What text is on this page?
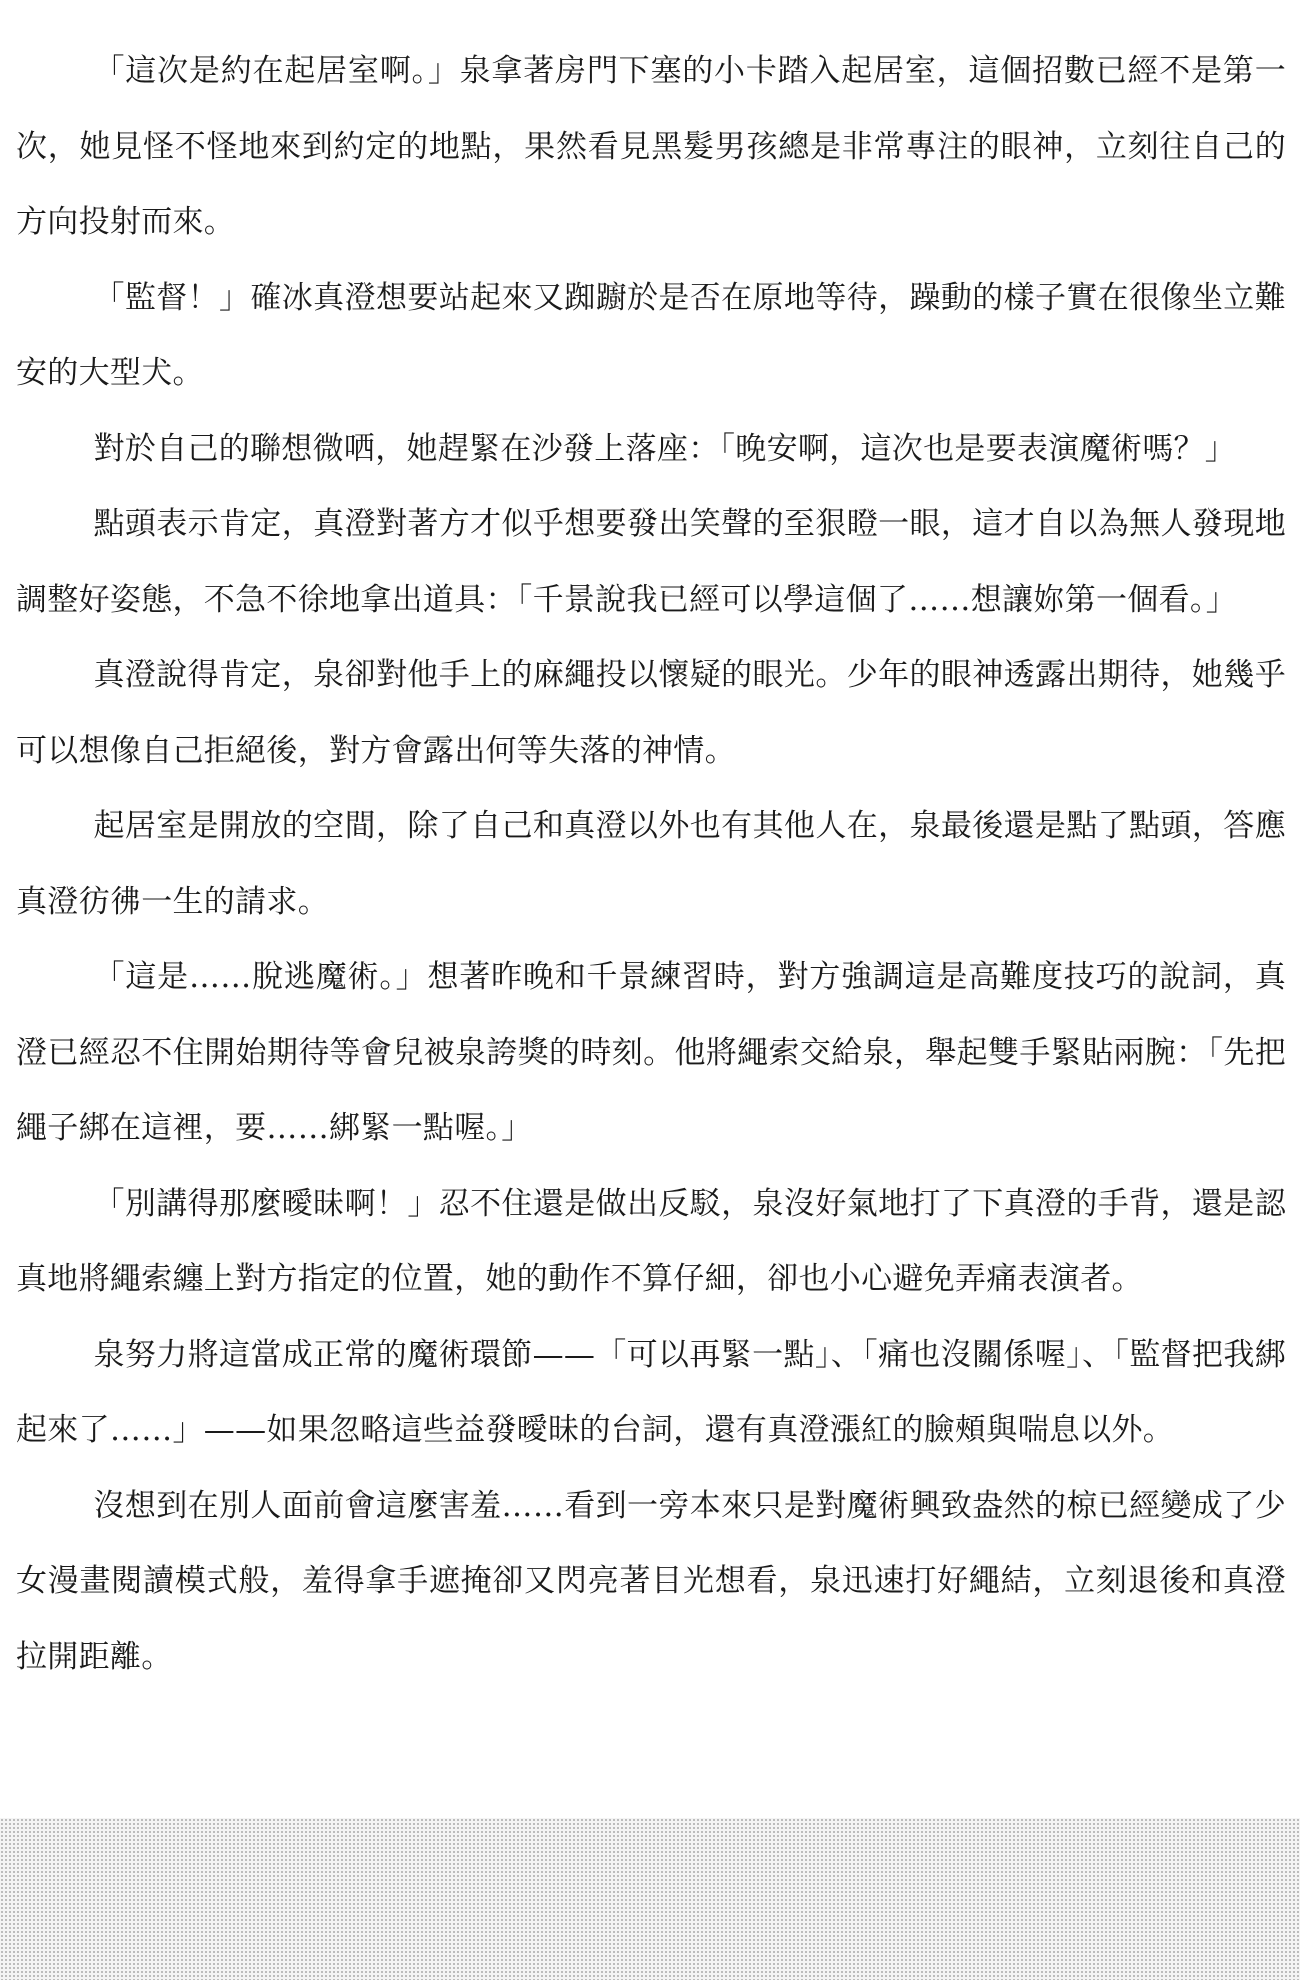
「這次是約在起居室啊。」泉拿著房門下塞的小卡踏入起居室，這個招數已經不是第一次，她見怪不怪地來到約定的地點，果然看見黑髮男孩總是非常專注的眼神，立刻往自己的方向投射而來。

「監督！」確冰真澄想要站起來又踟躕於是否在原地等待，躁動的樣子實在很像坐立難安的大型犬。

對於自己的聯想微哂，她趕緊在沙發上落座：「晚安啊，這次也是要表演魔術嗎？」

點頭表示肯定，真澄對著方才似乎想要發出笑聲的至狠瞪一眼，這才自以為無人發現地調整好姿態，不急不徐地拿出道具：「千景說我已經可以學這個了……想讓妳第一個看。」

真澄說得肯定，泉卻對他手上的麻繩投以懷疑的眼光。少年的眼神透露出期待，她幾乎可以想像自己拒絕後，對方會露出何等失落的神情。

起居室是開放的空間，除了自己和真澄以外也有其他人在，泉最後還是點了點頭，答應真澄彷彿一生的請求。

「這是……脫逃魔術。」想著昨晚和千景練習時，對方強調這是高難度技巧的說詞，真澄已經忍不住開始期待等會兒被泉誇獎的時刻。他將繩索交給泉，舉起雙手緊貼兩腕：「先把繩子綁在這裡，要……綁緊一點喔。」

「別講得那麼曖昧啊！」忍不住還是做出反駁，泉沒好氣地打了下真澄的手背，還是認真地將繩索纏上對方指定的位置，她的動作不算仔細，卻也小心避免弄痛表演者。

泉努力將這當成正常的魔術環節——「可以再緊一點」、「痛也沒關係喔」、「監督把我綁起來了……」——如果忽略這些益發曖昧的台詞，還有真澄漲紅的臉頰與喘息以外。

沒想到在別人面前會這麼害羞……看到一旁本來只是對魔術興致盎然的椋已經變成了少女漫畫閱讀模式般，羞得拿手遮掩卻又閃亮著目光想看，泉迅速打好繩結，立刻退後和真澄拉開距離。
